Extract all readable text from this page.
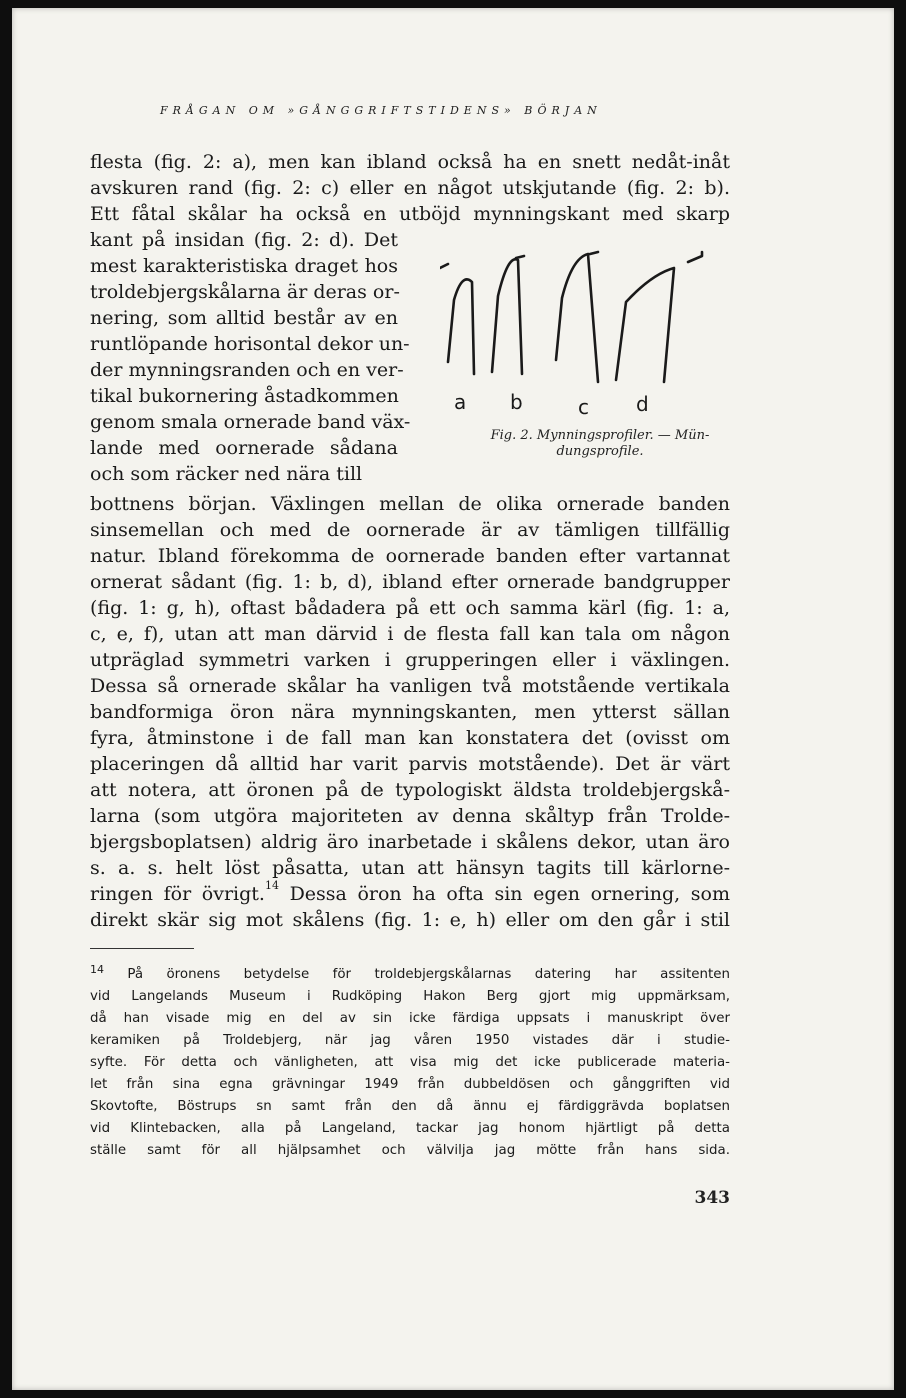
FRÅGAN OM »GÅNGGRIFTSTIDENS» BÖRJAN
flesta (fig. 2: a), men kan ibland också ha en snett nedåt-inåt
avskuren rand (fig. 2: c) eller en något utskjutande (fig. 2: b).
Ett fåtal skålar ha också en utböjd mynningskant med skarp
kant på insidan (fig. 2: d). Det
mest karakteristiska draget hos
troldebjergskålarna är deras or-
nering, som alltid består av en
runtlöpande horisontal dekor un-
der mynningsranden och en ver-
tikal bukornering åstadkommen
genom smala ornerade band väx-
lande med oornerade sådana
och som räcker ned nära till
bottnens början. Växlingen mellan de olika ornerade banden
sinsemellan och med de oornerade är av tämligen tillfällig
natur. Ibland förekomma de oornerade banden efter vartannat
ornerat sådant (fig. 1: b, d), ibland efter ornerade bandgrupper
(fig. 1: g, h), oftast bådadera på ett och samma kärl (fig. 1: a,
c, e, f), utan att man därvid i de flesta fall kan tala om någon
utpräglad symmetri varken i grupperingen eller i växlingen.
Dessa så ornerade skålar ha vanligen två motstående vertikala
bandformiga öron nära mynningskanten, men ytterst sällan
fyra, åtminstone i de fall man kan konstatera det (ovisst om
placeringen då alltid har varit parvis motstående). Det är värt
att notera, att öronen på de typologiskt äldsta troldebjergskå-
larna (som utgöra majoriteten av denna skåltyp från Trolde-
bjergsboplatsen) aldrig äro inarbetade i skålens dekor, utan äro
s. a. s. helt löst påsatta, utan att hänsyn tagits till kärlorne-
ringen för övrigt.$^{14}$ Dessa öron ha ofta sin egen ornering, som
direkt skär sig mot skålens (fig. 1: e, h) eller om den går i stil
a b	c d
Fig. 2. Mynningsprofiler. — Mün-dungsprofile.
$^{14}$ På öronens betydelse för troldebjergskålarnas datering har assitenten
vid Langelands Museum i Rudköping Hakon Berg gjort mig uppmärksam,
då han visade mig en del av sin icke färdiga uppsats i manuskript över
keramiken på Troldebjerg, när jag våren 1950 vistades där i studie-
syfte. För detta och vänligheten, att visa mig det icke publicerade materia-
let från sina egna grävningar 1949 från dubbeldösen och gånggriften vid
Skovtofte, Böstrups sn samt från den då ännu ej färdiggrävda boplatsen
vid Klintebacken, alla på Langeland, tackar jag honom hjärtligt på detta
ställe samt för all hjälpsamhet och välvilja jag mötte från hans sida.
343
